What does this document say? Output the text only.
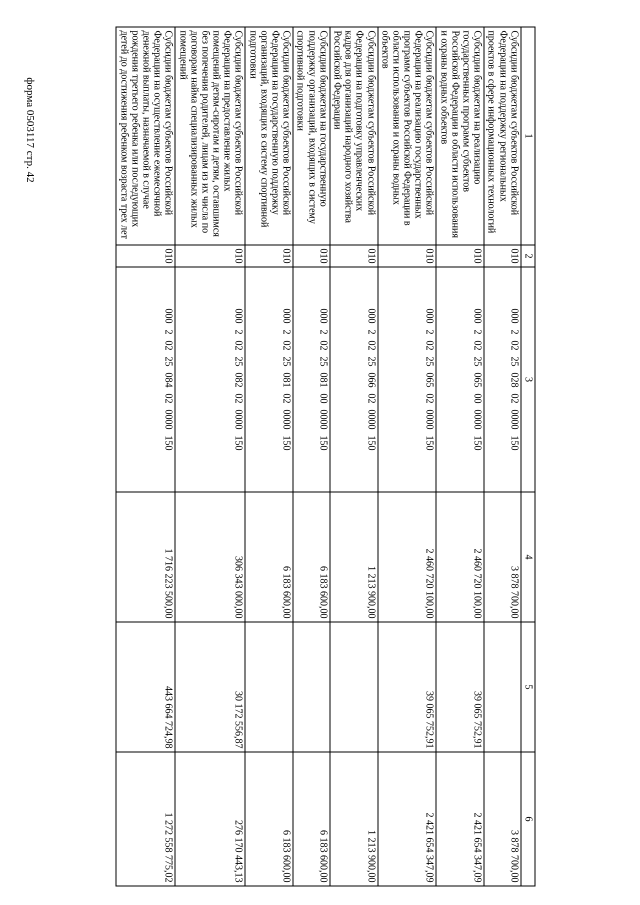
форма 0503117 стр. 42	1	2	3	4	5	6
Субсидии бюджетам субъектов Российской Федерации на поддержку региональных проектов в сфере информационных технологий	010	00020225028020000150	3 878 700,00		3 878 700,00
Субсидии бюджетам на реализацию государственных программ субъектов Российской Федерации в области использования и охраны водных объектов	010	00020225065000000150	2 460 720 100,00	39 065 752,91	2 421 654 347,09
Субсидии бюджетам субъектов Российской Федерации на реализацию государственных программ субъектов Российской Федерации в области использования и охраны водных объектов	010	00020225065020000150	2 460 720 100,00	39 065 752,91	2 421 654 347,09
Субсидии бюджетам субъектов Российской Федерации на подготовку управленческих кадров для организаций народного хозяйства Российской Федерации	010	00020225066020000150	1 213 900,00		1 213 900,00
Субсидии бюджетам на государственную поддержку организаций, входящих в систему спортивной подготовки	010	00020225081000000150	6 183 600,00		6 183 600,00
Субсидии бюджетам субъектов Российской Федерации на государственную поддержку организаций, входящих в систему спортивной подготовки	010	00020225081020000150	6 183 600,00		6 183 600,00
Субсидии бюджетам субъектов Российской Федерации на предоставление жилых помещений детям-сиротам и детям, оставшимся без попечения родителей, лицам из их числа по договорам найма специализированных жилых помещений	010	00020225082020000150	306 343 000,00	30 172 556,87	276 170 443,13
Субсидии бюджетам субъектов Российской Федерации на осуществление ежемесячной денежной выплаты, назначаемой в случае рождения третьего ребенка или последующих детей до достижения ребенком возраста трех лет	010	00020225084020000150	1 716 223 500,00	443 664 724,98	1 272 558 775,02
